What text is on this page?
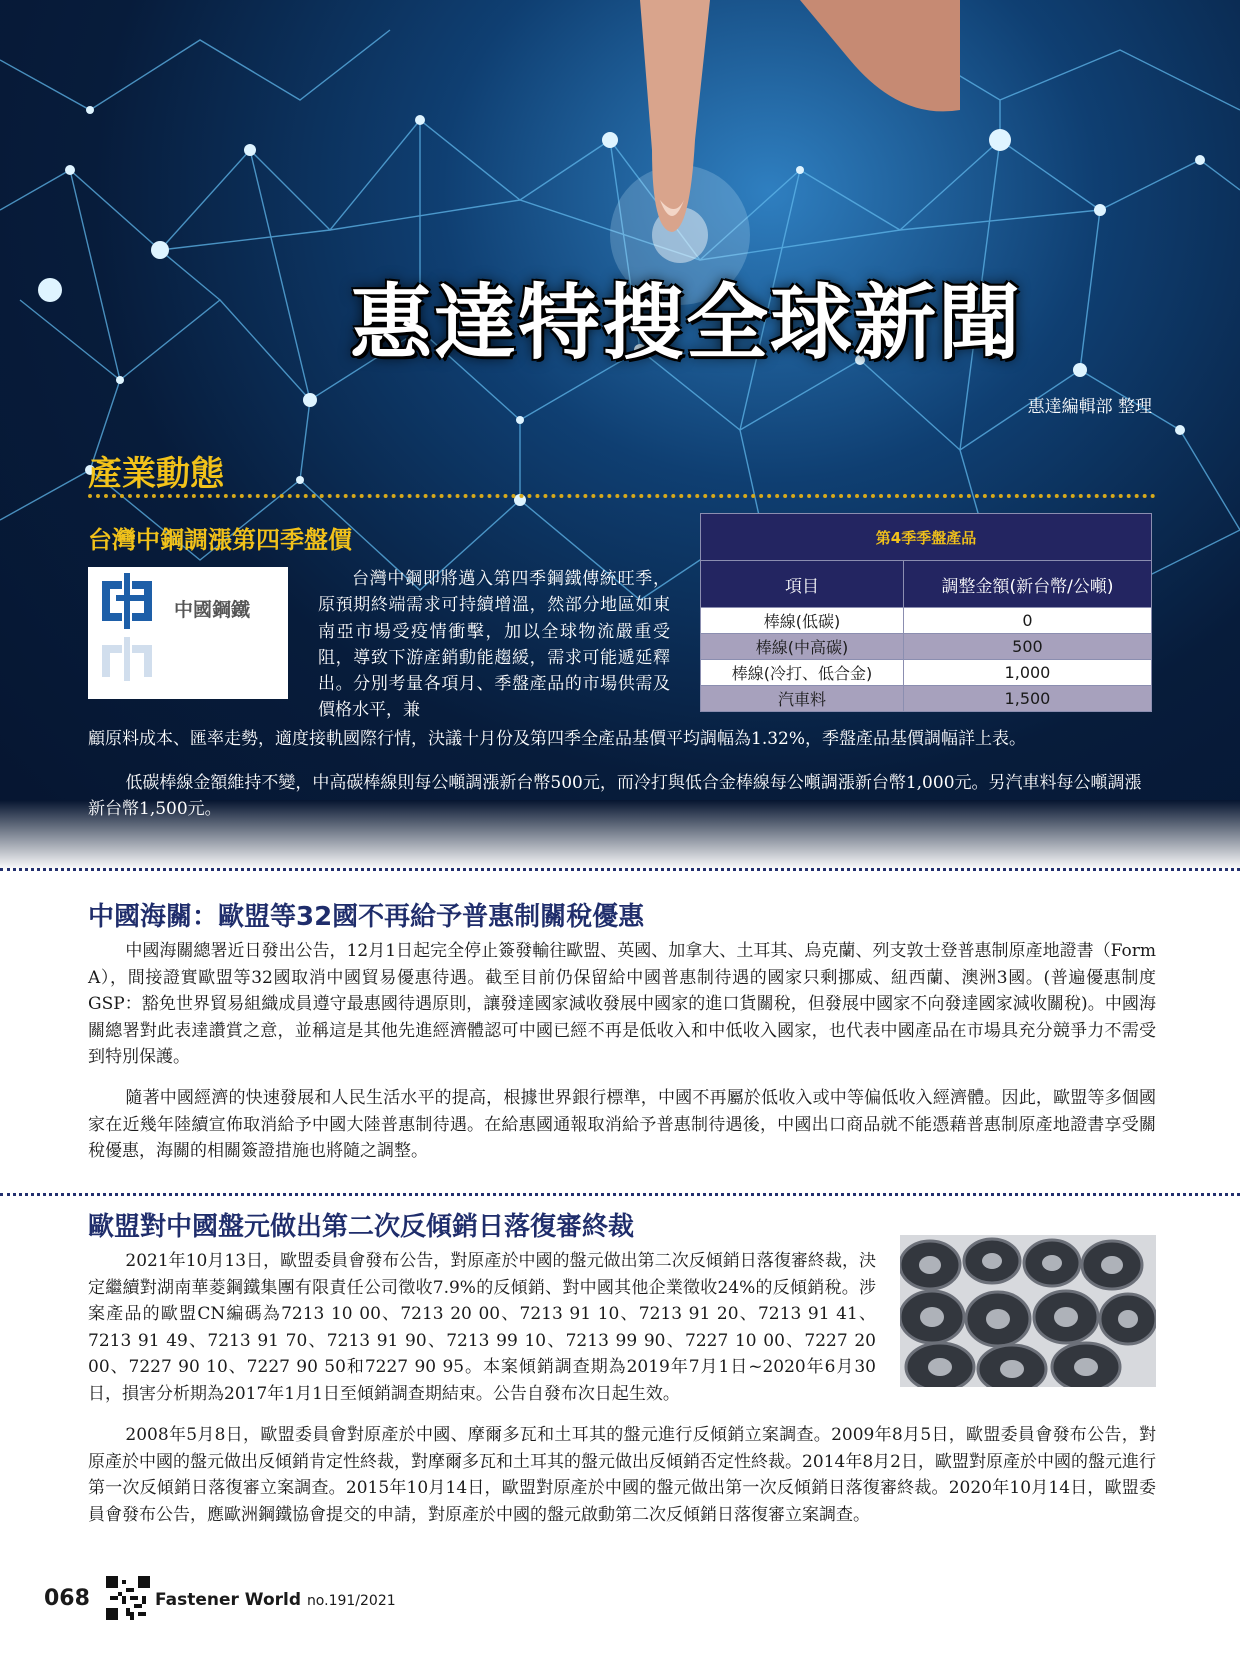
惠達特搜全球新聞
惠達編輯部 整理
產業動態
台灣中鋼調漲第四季盤價
中國鋼鐵

台灣中鋼即將邁入第四季鋼鐵傳統旺季，原預期終端需求可持續增溫，然部分地區如東南亞市場受疫情衝擊，加以全球物流嚴重受阻，導致下游產銷動能趨緩，需求可能遞延釋出。分別考量各項月、季盤產品的市場供需及價格水平，兼

顧原料成本、匯率走勢，適度接軌國際行情，決議十月份及第四季全產品基價平均調幅為1.32%，季盤產品基價調幅詳上表。

低碳棒線金額維持不變，中高碳棒線則每公噸調漲新台幣500元，而冷打與低合金棒線每公噸調漲新台幣1,000元。另汽車料每公噸調漲新台幣1,500元。

第4季季盤產品	
項目	調整金額(新台幣/公噸)
棒線(低碳)	0
棒線(中高碳)	500
棒線(冷打、低合金)	1,000
汽車料	1,500
中國海關：歐盟等32國不再給予普惠制關稅優惠

中國海關總署近日發出公告，12月1日起完全停止簽發輸往歐盟、英國、加拿大、土耳其、烏克蘭、列支敦士登普惠制原產地證書（Form A），間接證實歐盟等32國取消中國貿易優惠待遇。截至目前仍保留給中國普惠制待遇的國家只剩挪威、紐西蘭、澳洲3國。(普遍優惠制度GSP：豁免世界貿易組織成員遵守最惠國待遇原則，讓發達國家減收發展中國家的進口貨關稅，但發展中國家不向發達國家減收關稅)。中國海關總署對此表達讚賞之意，並稱這是其他先進經濟體認可中國已經不再是低收入和中低收入國家，也代表中國產品在市場具充分競爭力不需受到特別保護。

隨著中國經濟的快速發展和人民生活水平的提高，根據世界銀行標準，中國不再屬於低收入或中等偏低收入經濟體。因此，歐盟等多個國家在近幾年陸續宣佈取消給予中國大陸普惠制待遇。在給惠國通報取消給予普惠制待遇後，中國出口商品就不能憑藉普惠制原產地證書享受關稅優惠，海關的相關簽證措施也將隨之調整。

歐盟對中國盤元做出第二次反傾銷日落復審終裁

2021年10月13日，歐盟委員會發布公告，對原產於中國的盤元做出第二次反傾銷日落復審終裁，決定繼續對湖南華菱鋼鐵集團有限責任公司徵收7.9%的反傾銷、對中國其他企業徵收24%的反傾銷稅。涉案產品的歐盟CN編碼為7213 10 00、7213 20 00、7213 91 10、7213 91 20、7213 91 41、7213 91 49、7213 91 70、7213 91 90、7213 99 10、7213 99 90、7227 10 00、7227 20 00、7227 90 10、7227 90 50和7227 90 95。本案傾銷調查期為2019年7月1日~2020年6月30日，損害分析期為2017年1月1日至傾銷調查期結束。公告自發布次日起生效。

2008年5月8日，歐盟委員會對原產於中國、摩爾多瓦和土耳其的盤元進行反傾銷立案調查。2009年8月5日，歐盟委員會發布公告，對原產於中國的盤元做出反傾銷肯定性終裁，對摩爾多瓦和土耳其的盤元做出反傾銷否定性終裁。2014年8月2日，歐盟對原產於中國的盤元進行第一次反傾銷日落復審立案調查。2015年10月14日，歐盟對原產於中國的盤元做出第一次反傾銷日落復審終裁。2020年10月14日，歐盟委員會發布公告，應歐洲鋼鐵協會提交的申請，對原產於中國的盤元啟動第二次反傾銷日落復審立案調查。

068	Fastener World no.191/2021
